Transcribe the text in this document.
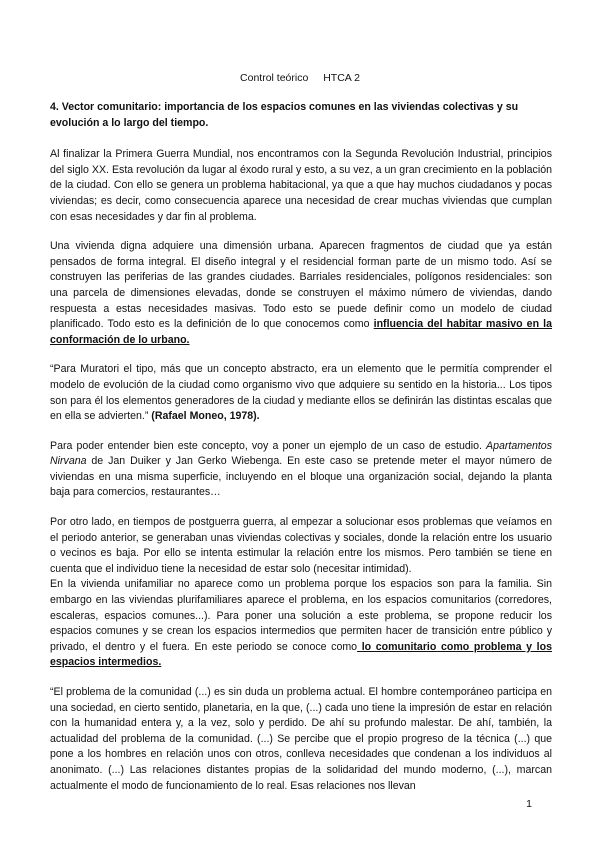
Control teórico HTCA 2
4. Vector comunitario: importancia de los espacios comunes en las viviendas colectivas y su evolución a lo largo del tiempo.

Al finalizar la Primera Guerra Mundial, nos encontramos con la Segunda Revolución Industrial, principios del siglo XX. Esta revolución da lugar al éxodo rural y esto, a su vez, a un gran crecimiento en la población de la ciudad. Con ello se genera un problema habitacional, ya que a que hay muchos ciudadanos y pocas viviendas; es decir, como consecuencia aparece una necesidad de crear muchas viviendas que cumplan con esas necesidades y dar fin al problema.

Una vivienda digna adquiere una dimensión urbana. Aparecen fragmentos de ciudad que ya están pensados de forma integral. El diseño integral y el residencial forman parte de un mismo todo. Así se construyen las periferias de las grandes ciudades. Barriales residenciales, polígonos residenciales: son una parcela de dimensiones elevadas, donde se construyen el máximo número de viviendas, dando respuesta a estas necesidades masivas. Todo esto se puede definir como un modelo de ciudad planificado. Todo esto es la definición de lo que conocemos como influencia del habitar masivo en la conformación de lo urbano.

“Para Muratori el tipo, más que un concepto abstracto, era un elemento que le permitía comprender el modelo de evolución de la ciudad como organismo vivo que adquiere su sentido en la historia... Los tipos son para él los elementos generadores de la ciudad y mediante ellos se definirán las distintas escalas que en ella se advierten.” (Rafael Moneo, 1978).

Para poder entender bien este concepto, voy a poner un ejemplo de un caso de estudio. Apartamentos Nirvana de Jan Duiker y Jan Gerko Wiebenga. En este caso se pretende meter el mayor número de viviendas en una misma superficie, incluyendo en el bloque una organización social, dejando la planta baja para comercios, restaurantes…

Por otro lado, en tiempos de postguerra guerra, al empezar a solucionar esos problemas que veíamos en el periodo anterior, se generaban unas viviendas colectivas y sociales, donde la relación entre los usuario o vecinos es baja. Por ello se intenta estimular la relación entre los mismos. Pero también se tiene en cuenta que el individuo tiene la necesidad de estar solo (necesitar intimidad).

En la vivienda unifamiliar no aparece como un problema porque los espacios son para la familia. Sin embargo en las viviendas plurifamiliares aparece el problema, en los espacios comunitarios (corredores, escaleras, espacios comunes...). Para poner una solución a este problema, se propone reducir los espacios comunes y se crean los espacios intermedios que permiten hacer de transición entre público y privado, el dentro y el fuera. En este periodo se conoce como lo comunitario como problema y los espacios intermedios.

“El problema de la comunidad (...) es sin duda un problema actual. El hombre contemporáneo participa en una sociedad, en cierto sentido, planetaria, en la que, (...) cada uno tiene la impresión de estar en relación con la humanidad entera y, a la vez, solo y perdido. De ahí su profundo malestar. De ahí, también, la actualidad del problema de la comunidad. (...) Se percibe que el propio progreso de la técnica (...) que pone a los hombres en relación unos con otros, conlleva necesidades que condenan a los individuos al anonimato. (...) Las relaciones distantes propias de la solidaridad del mundo moderno, (...), marcan actualmente el modo de funcionamiento de lo real. Esas relaciones nos llevan

1
